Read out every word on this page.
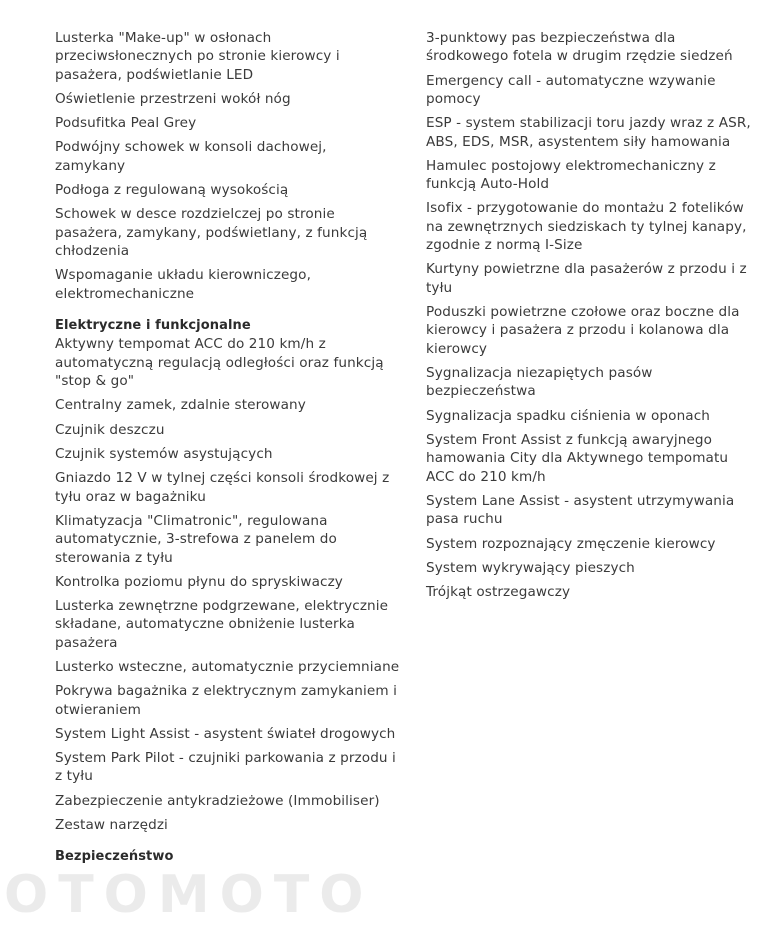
Lusterka "Make-up" w osłonach przeciwsłonecznych po stronie kierowcy i pasażera, podświetlanie LED
Oświetlenie przestrzeni wokół nóg
Podsufitka Peal Grey
Podwójny schowek w konsoli dachowej, zamykany
Podłoga z regulowaną wysokością
Schowek w desce rozdzielczej po stronie pasażera, zamykany, podświetlany, z funkcją chłodzenia
Wspomaganie układu kierowniczego, elektromechaniczne
Elektryczne i funkcjonalne
Aktywny tempomat ACC do 210 km/h z automatyczną regulacją odległości oraz funkcją "stop & go"
Centralny zamek, zdalnie sterowany
Czujnik deszczu
Czujnik systemów asystujących
Gniazdo 12 V w tylnej części konsoli środkowej z tyłu oraz w bagażniku
Klimatyzacja "Climatronic", regulowana automatycznie, 3-strefowa z panelem do sterowania z tyłu
Kontrolka poziomu płynu do spryskiwaczy
Lusterka zewnętrzne podgrzewane, elektrycznie składane, automatyczne obniżenie lusterka pasażera
Lusterko wsteczne, automatycznie przyciemniane
Pokrywa bagażnika z elektrycznym zamykaniem i otwieraniem
System Light Assist - asystent świateł drogowych
System Park Pilot - czujniki parkowania z przodu i z tyłu
Zabezpieczenie antykradzieżowe (Immobiliser)
Zestaw narzędzi
Bezpieczeństwo
3-punktowy pas bezpieczeństwa dla środkowego fotela w drugim rzędzie siedzeń
Emergency call - automatyczne wzywanie pomocy
ESP - system stabilizacji toru jazdy wraz z ASR, ABS, EDS, MSR, asystentem siły hamowania
Hamulec postojowy elektromechaniczny z funkcją Auto-Hold
Isofix - przygotowanie do montażu 2 fotelików na zewnętrznych siedziskach ty tylnej kanapy, zgodnie z normą I-Size
Kurtyny powietrzne dla pasażerów z przodu i z tyłu
Poduszki powietrzne czołowe oraz boczne dla kierowcy i pasażera z przodu i kolanowa dla kierowcy
Sygnalizacja niezapiętych pasów bezpieczeństwa
Sygnalizacja spadku ciśnienia w oponach
System Front Assist z funkcją awaryjnego hamowania City dla Aktywnego tempomatu ACC do 210 km/h
System Lane Assist - asystent utrzymywania pasa ruchu
System rozpoznający zmęczenie kierowcy
System wykrywający pieszych
Trójkąt ostrzegawczy
OTOMOTO
